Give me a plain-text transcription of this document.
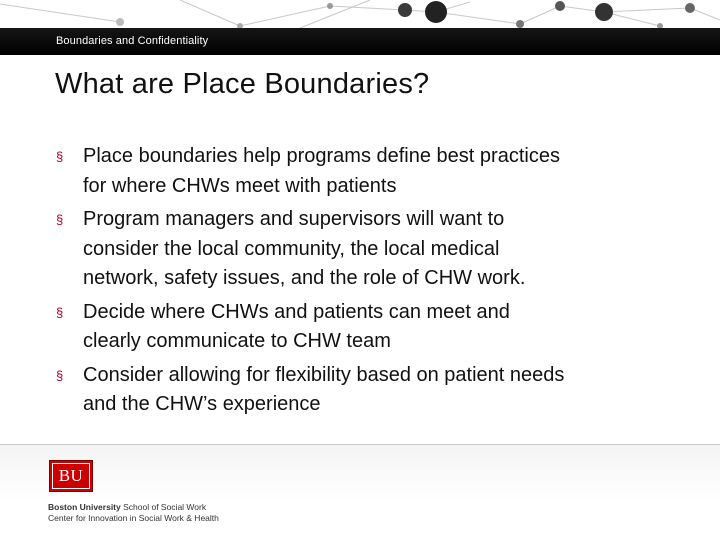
Boundaries and Confidentiality
What are Place Boundaries?
§ Place boundaries help programs define best practices
for where CHWs meet with patients
§ Program managers and supervisors will want to
consider the local community, the local medical
network, safety issues, and the role of CHW work.
§ Decide where CHWs and patients can meet and
clearly communicate to CHW team
§ Consider allowing for flexibility based on patient needs
and the CHW’s experience
BU
Boston University School of Social Work
Center for Innovation in Social Work & Health
